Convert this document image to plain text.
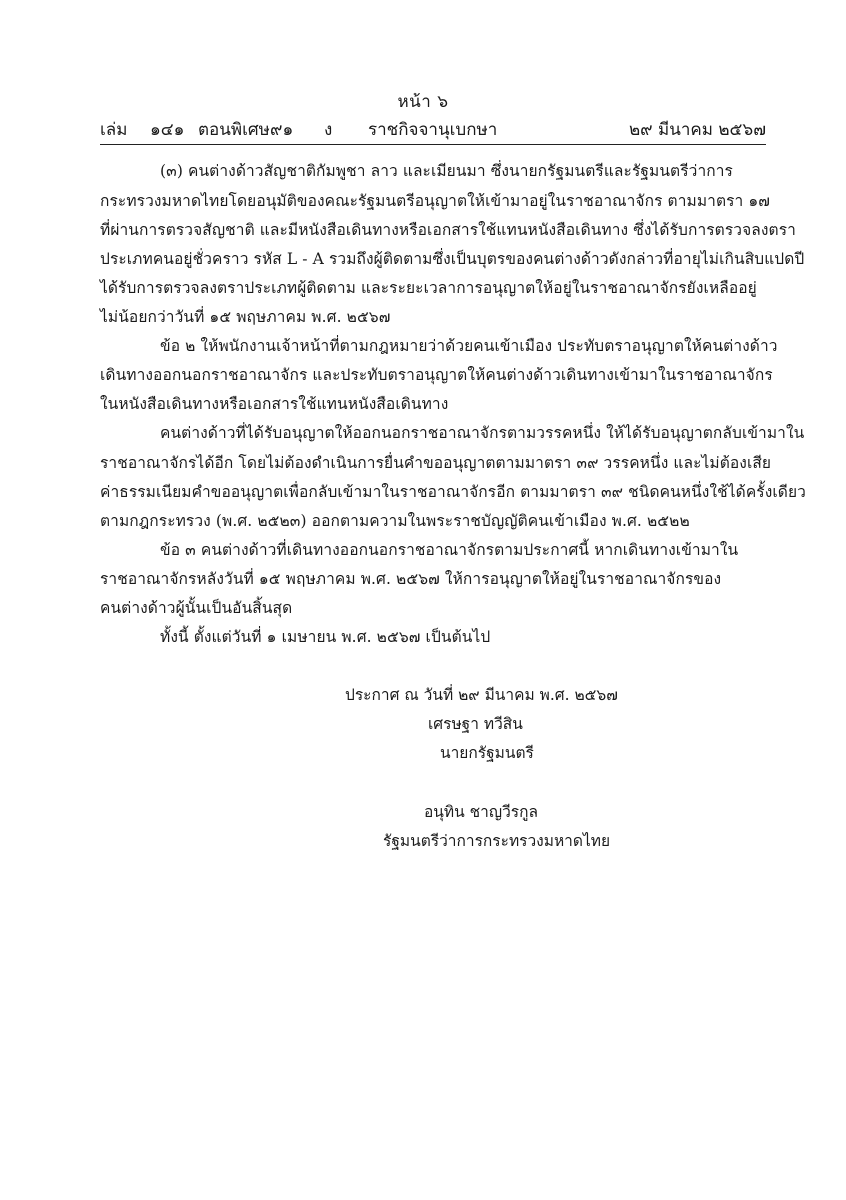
หน้า ๖
เล่ม ๑๔๑ ตอนพิเศษ ๙๑ ง ราชกิจจานุเบกษา	๒๙ มีนาคม ๒๕๖๗
(๓) คนต่างด้าวสัญชาติกัมพูชา ลาว และเมียนมา ซึ่งนายกรัฐมนตรีและรัฐมนตรีว่าการ
กระทรวงมหาดไทยโดยอนุมัติของคณะรัฐมนตรีอนุญาตให้เข้ามาอยู่ในราชอาณาจักร ตามมาตรา ๑๗
ที่ผ่านการตรวจสัญชาติ และมีหนังสือเดินทางหรือเอกสารใช้แทนหนังสือเดินทาง ซึ่งได้รับการตรวจลงตรา
ประเภทคนอยู่ชั่วคราว รหัส L - A รวมถึงผู้ติดตามซึ่งเป็นบุตรของคนต่างด้าวดังกล่าวที่อายุไม่เกินสิบแปดปี
ได้รับการตรวจลงตราประเภทผู้ติดตาม และระยะเวลาการอนุญาตให้อยู่ในราชอาณาจักรยังเหลืออยู่
ไม่น้อยกว่าวันที่ ๑๕ พฤษภาคม พ.ศ. ๒๕๖๗
ข้อ ๒ ให้พนักงานเจ้าหน้าที่ตามกฎหมายว่าด้วยคนเข้าเมือง ประทับตราอนุญาตให้คนต่างด้าว
เดินทางออกนอกราชอาณาจักร และประทับตราอนุญาตให้คนต่างด้าวเดินทางเข้ามาในราชอาณาจักร
ในหนังสือเดินทางหรือเอกสารใช้แทนหนังสือเดินทาง
คนต่างด้าวที่ได้รับอนุญาตให้ออกนอกราชอาณาจักรตามวรรคหนึ่ง ให้ได้รับอนุญาตกลับเข้ามาใน
ราชอาณาจักรได้อีก โดยไม่ต้องดำเนินการยื่นคำขออนุญาตตามมาตรา ๓๙ วรรคหนึ่ง และไม่ต้องเสีย
ค่าธรรมเนียมคำขออนุญาตเพื่อกลับเข้ามาในราชอาณาจักรอีก ตามมาตรา ๓๙ ชนิดคนหนึ่งใช้ได้ครั้งเดียว
ตามกฎกระทรวง (พ.ศ. ๒๕๒๓) ออกตามความในพระราชบัญญัติคนเข้าเมือง พ.ศ. ๒๕๒๒
ข้อ ๓ คนต่างด้าวที่เดินทางออกนอกราชอาณาจักรตามประกาศนี้ หากเดินทางเข้ามาใน
ราชอาณาจักรหลังวันที่ ๑๕ พฤษภาคม พ.ศ. ๒๕๖๗ ให้การอนุญาตให้อยู่ในราชอาณาจักรของ
คนต่างด้าวผู้นั้นเป็นอันสิ้นสุด
ทั้งนี้ ตั้งแต่วันที่ ๑ เมษายน พ.ศ. ๒๕๖๗ เป็นต้นไป
ประกาศ ณ วันที่ ๒๙ มีนาคม พ.ศ. ๒๕๖๗
เศรษฐา ทวีสิน
นายกรัฐมนตรี
อนุทิน ชาญวีรกูล
รัฐมนตรีว่าการกระทรวงมหาดไทย
